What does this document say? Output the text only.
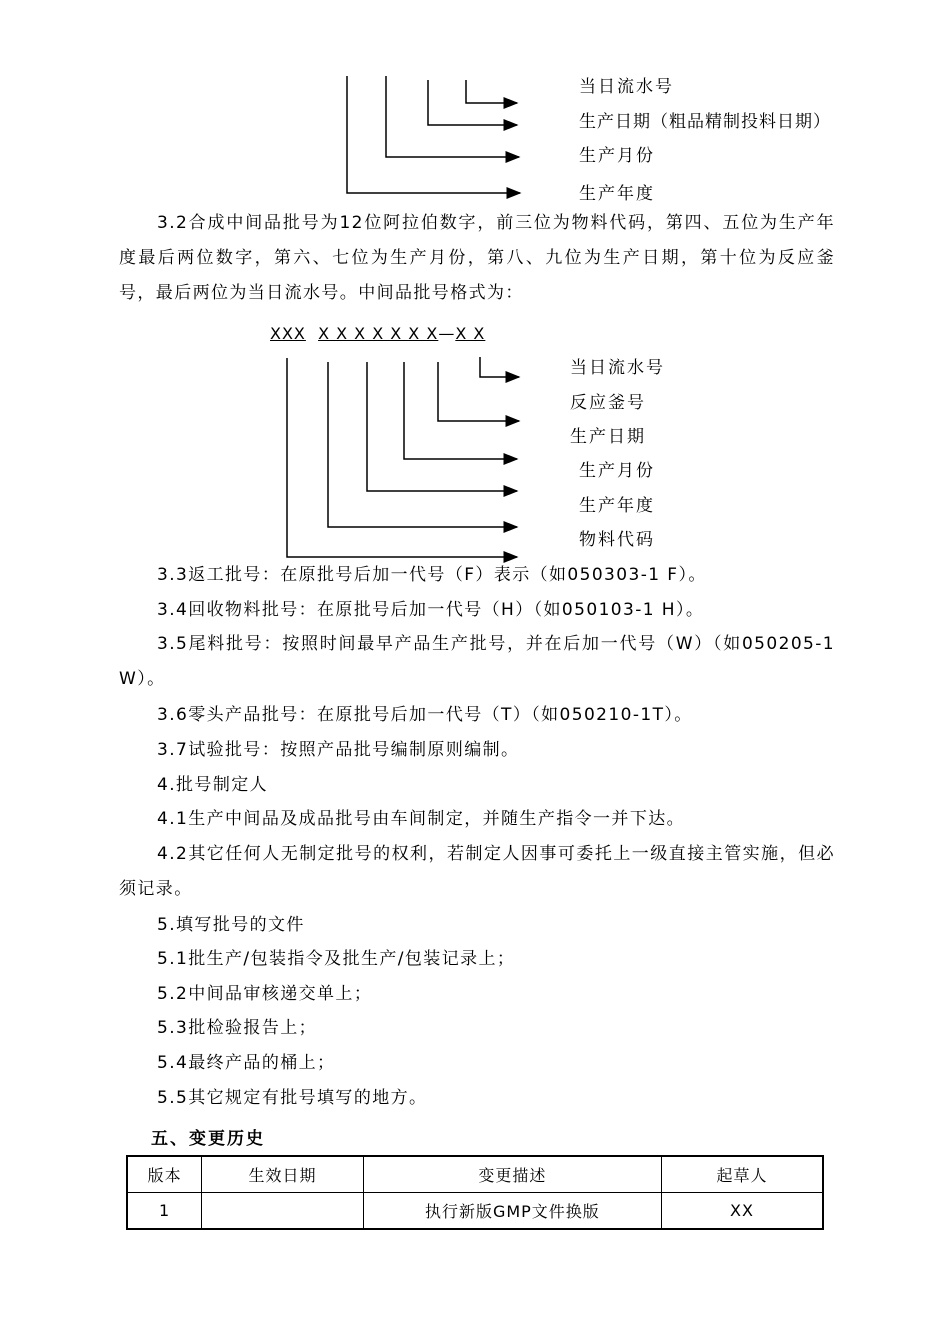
当日流水号
生产日期（粗品精制投料日期）
生产月份
生产年度
3.2合成中间品批号为12位阿拉伯数字，前三位为物料代码，第四、五位为生产年度最后两位数字，第六、七位为生产月份，第八、九位为生产日期，第十位为反应釜号，最后两位为当日流水号。中间品批号格式为：
XXX X X X X X X X—X X
当日流水号
反应釜号
生产日期
生产月份
生产年度
物料代码
3.3返工批号：在原批号后加一代号（F）表示（如050303-1 F）。
3.4回收物料批号：在原批号后加一代号（H）（如050103-1 H）。
3.5尾料批号：按照时间最早产品生产批号，并在后加一代号（W）（如050205-1 W）。
3.6零头产品批号：在原批号后加一代号（T）（如050210-1T）。
3.7试验批号：按照产品批号编制原则编制。
4.批号制定人
4.1生产中间品及成品批号由车间制定，并随生产指令一并下达。
4.2其它任何人无制定批号的权利，若制定人因事可委托上一级直接主管实施，但必须记录。
5.填写批号的文件
5.1批生产/包装指令及批生产/包装记录上；
5.2中间品审核递交单上；
5.3批检验报告上；
5.4最终产品的桶上；
5.5其它规定有批号填写的地方。
五、变更历史
版本	生效日期	变更描述	起草人
1		执行新版GMP文件换版	XX
